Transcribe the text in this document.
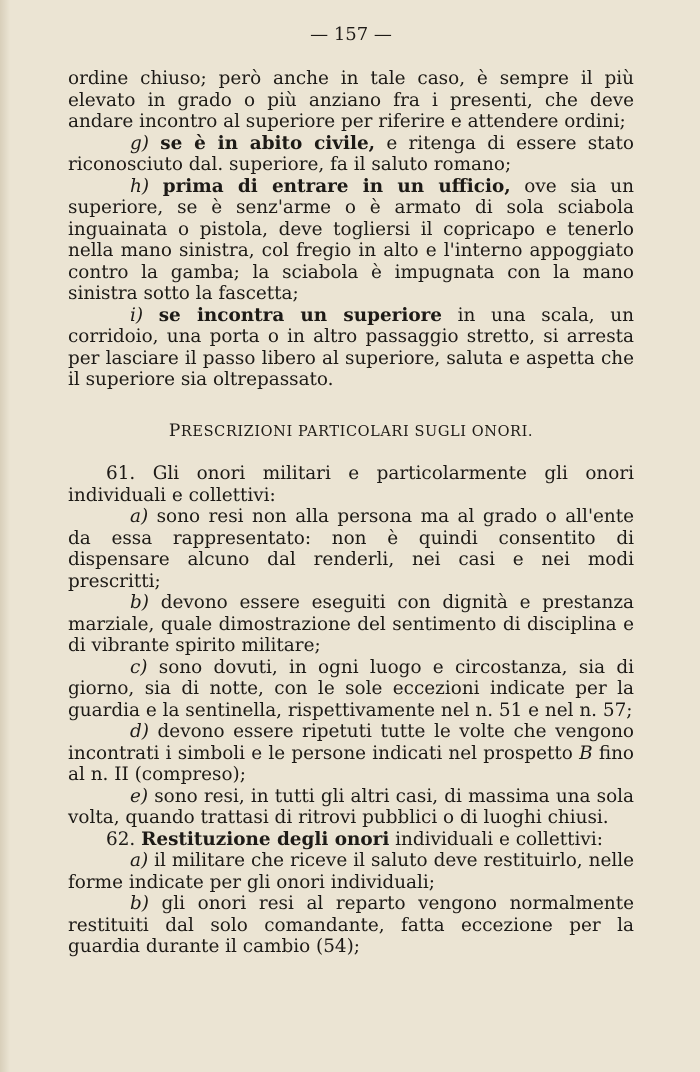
— 157 —

ordine chiuso; però anche in tale caso, è sempre il più elevato in grado o più anziano fra i presenti, che deve andare incontro al superiore per riferire e attendere ordini;

g) se è in abito civile, e ritenga di essere stato riconosciuto dal. superiore, fa il saluto romano;

h) prima di entrare in un ufficio, ove sia un superiore, se è senz'arme o è armato di sola sciabola inguainata o pistola, deve togliersi il copricapo e tenerlo nella mano sinistra, col fregio in alto e l'interno appoggiato contro la gamba; la sciabola è impugnata con la mano sinistra sotto la fascetta;

i) se incontra un superiore in una scala, un corridoio, una porta o in altro passaggio stretto, si arresta per lasciare il passo libero al superiore, saluta e aspetta che il superiore sia oltrepassato.

PRESCRIZIONI PARTICOLARI SUGLI ONORI.

61. Gli onori militari e particolarmente gli onori individuali e collettivi:

a) sono resi non alla persona ma al grado o all'ente da essa rappresentato: non è quindi consentito di dispensare alcuno dal renderli, nei casi e nei modi prescritti;

b) devono essere eseguiti con dignità e prestanza marziale, quale dimostrazione del sentimento di disciplina e di vibrante spirito militare;

c) sono dovuti, in ogni luogo e circostanza, sia di giorno, sia di notte, con le sole eccezioni indicate per la guardia e la sentinella, rispettivamente nel n. 51 e nel n. 57;

d) devono essere ripetuti tutte le volte che vengono incontrati i simboli e le persone indicati nel prospetto B fino al n. II (compreso);

e) sono resi, in tutti gli altri casi, di massima una sola volta, quando trattasi di ritrovi pubblici o di luoghi chiusi.

62. Restituzione degli onori individuali e collettivi:

a) il militare che riceve il saluto deve restituirlo, nelle forme indicate per gli onori individuali;

b) gli onori resi al reparto vengono normalmente restituiti dal solo comandante, fatta eccezione per la guardia durante il cambio (54);
